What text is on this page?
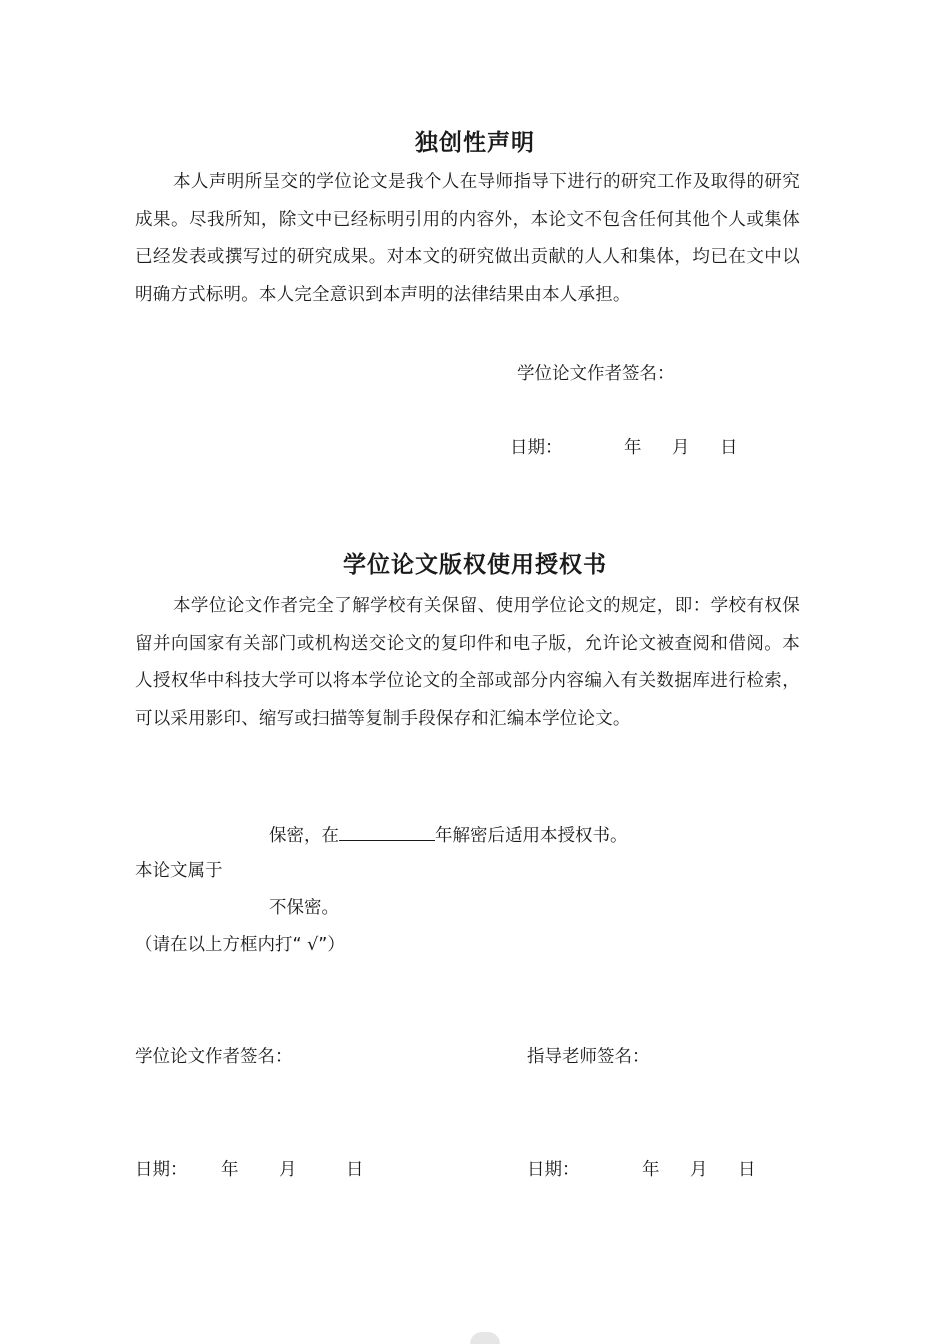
独创性声明

本人声明所呈交的学位论文是我个人在导师指导下进行的研究工作及取得的研究成果。尽我所知，除文中已经标明引用的内容外，本论文不包含任何其他个人或集体已经发表或撰写过的研究成果。对本文的研究做出贡献的人人和集体，均已在文中以明确方式标明。本人完全意识到本声明的法律结果由本人承担。

学位论文作者签名：

日期：	年 月 日
学位论文版权使用授权书

本学位论文作者完全了解学校有关保留、使用学位论文的规定，即：学校有权保留并向国家有关部门或机构送交论文的复印件和电子版，允许论文被查阅和借阅。本人授权华中科技大学可以将本学位论文的全部或部分内容编入有关数据库进行检索，可以采用影印、缩写或扫描等复制手段保存和汇编本学位论文。

保密，在	年解密后适用本授权书。

本论文属于

不保密。

（请在以上方框内打“ √”）

学位论文作者签名：	指导老师签名：

日期： 年 月	日	日期：	年 月 日
